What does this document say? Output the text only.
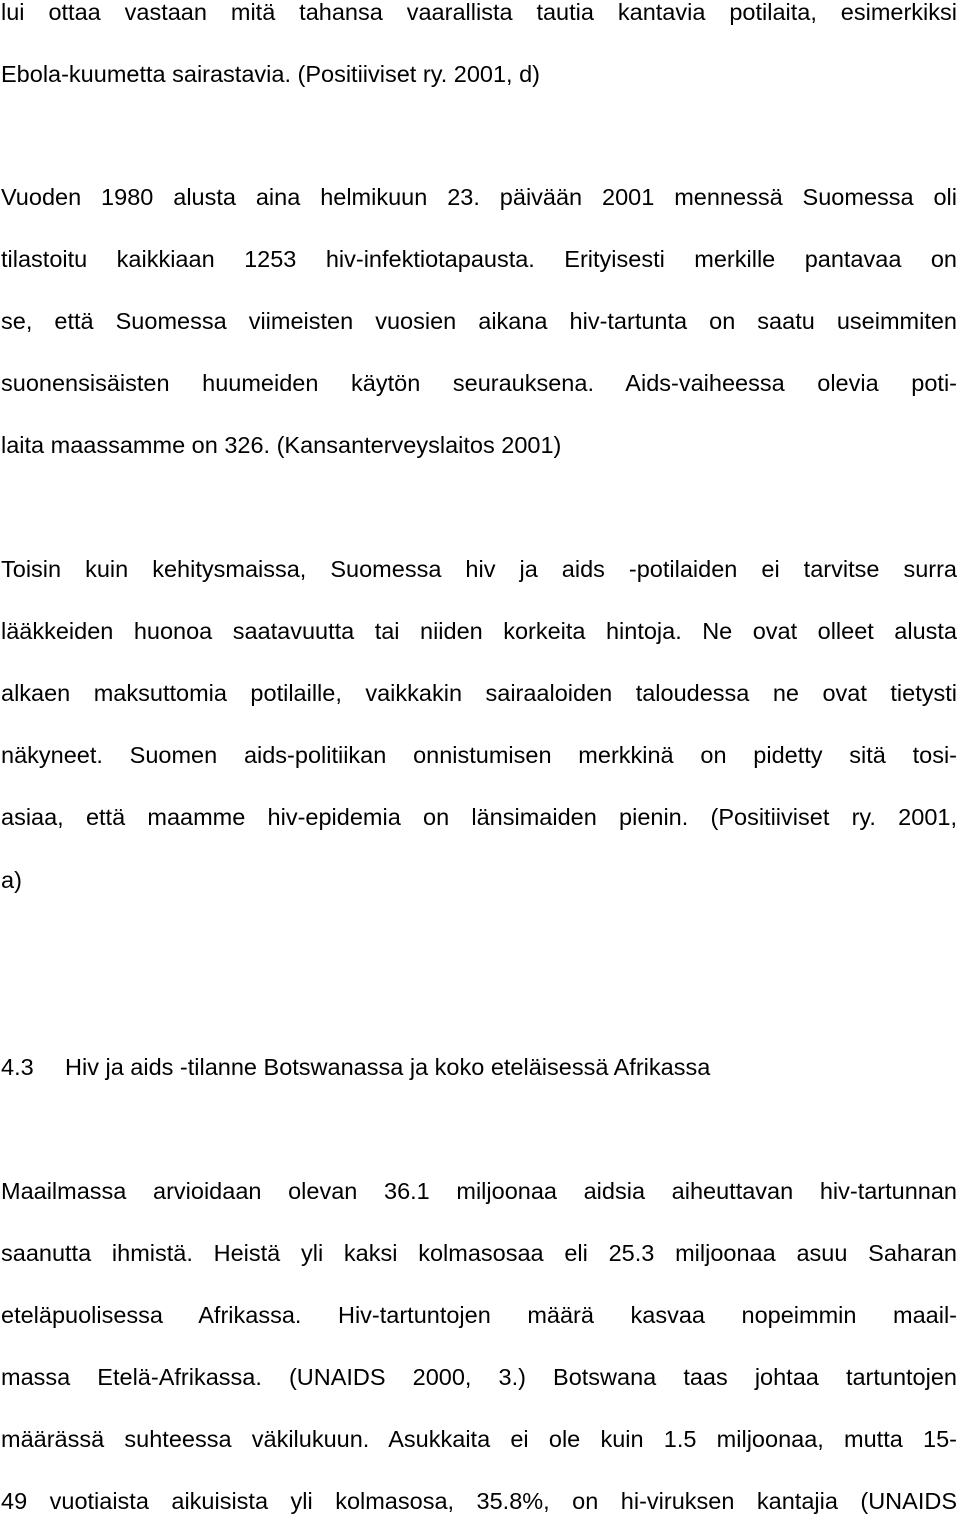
lui ottaa vastaan mitä tahansa vaarallista tautia kantavia potilaita, esimerkiksi
Ebola-kuumetta sairastavia. (Positiiviset ry. 2001, d)
Vuoden 1980 alusta aina helmikuun 23. päivään 2001 mennessä Suomessa oli
tilastoitu kaikkiaan 1253 hiv-infektiotapausta. Erityisesti merkille pantavaa on
se, että Suomessa viimeisten vuosien aikana hiv-tartunta on saatu useimmiten
suonensisäisten huumeiden käytön seurauksena. Aids-vaiheessa olevia poti-
laita maassamme on 326. (Kansanterveyslaitos 2001)
Toisin kuin kehitysmaissa, Suomessa hiv ja aids -potilaiden ei tarvitse surra
lääkkeiden huonoa saatavuutta tai niiden korkeita hintoja. Ne ovat olleet alusta
alkaen maksuttomia potilaille, vaikkakin sairaaloiden taloudessa ne ovat tietysti
näkyneet. Suomen aids-politiikan onnistumisen merkkinä on pidetty sitä tosi-
asiaa, että maamme hiv-epidemia on länsimaiden pienin. (Positiiviset ry. 2001,
a)
4.3 Hiv ja aids -tilanne Botswanassa ja koko eteläisessä Afrikassa
Maailmassa arvioidaan olevan 36.1 miljoonaa aidsia aiheuttavan hiv-tartunnan
saanutta ihmistä. Heistä yli kaksi kolmasosaa eli 25.3 miljoonaa asuu Saharan
eteläpuolisessa Afrikassa. Hiv-tartuntojen määrä kasvaa nopeimmin maail-
massa Etelä-Afrikassa. (UNAIDS 2000, 3.) Botswana taas johtaa tartuntojen
määrässä suhteessa väkilukuun. Asukkaita ei ole kuin 1.5 miljoonaa, mutta 15-
49 vuotiaista aikuisista yli kolmasosa, 35.8%, on hi-viruksen kantajia (UNAIDS
